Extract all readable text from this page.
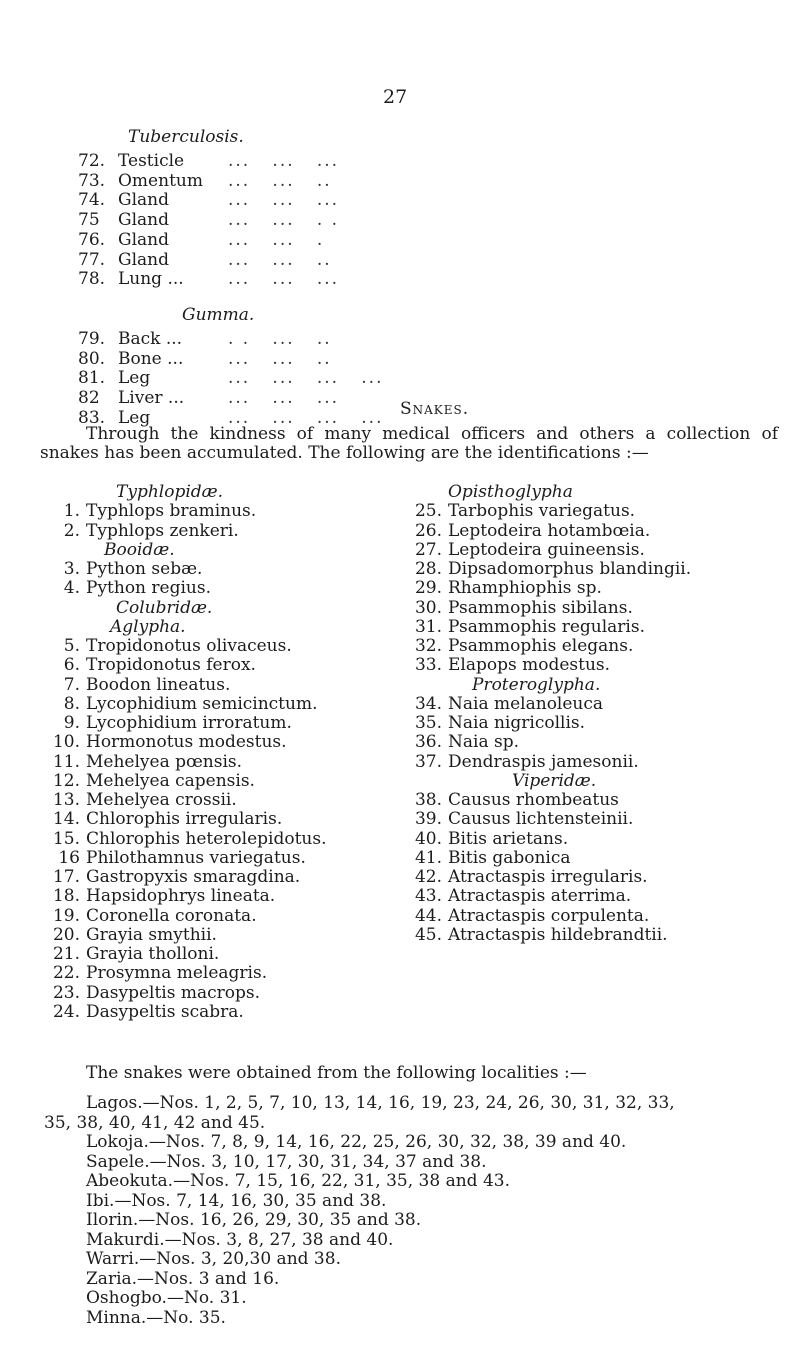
27
Tuberculosis.
72. Testicle	...   ...   ...
73. Omentum ...   ...   ..
74. Gland	...   ...   ...
75	Gland	...   ...   . .
76. Gland	...   ...   .
77. Gland	...   ...   ..
78. Lung ...	...   ...   ...
Gumma.
79. Back ...	. .   ...   ..
80. Bone ...	...   ...   ..
81. Leg	...   ...   ...   ...
82	Liver ...	...   ...   ...
83. Leg	...   ...   ...   ... Snakes.
Through the kindness of many medical officers and others a collection of snakes has been accumulated. The following are the identifications :—
Typhlopidæ.
1. Typhlops braminus.
2. Typhlops zenkeri.
Booidæ.
3. Python sebæ.
4. Python regius.
Colubridæ.
Aglypha.
5. Tropidonotus olivaceus.
6. Tropidonotus ferox.
7. Boodon lineatus.
8. Lycophidium semicinctum.
9. Lycophidium irroratum.
10. Hormonotus modestus.
11. Mehelyea pœnsis.
12. Mehelyea capensis.
13. Mehelyea crossii.
14. Chlorophis irregularis.
15. Chlorophis heterolepidotus.
16 Philothamnus variegatus.
17. Gastropyxis smaragdina.
18. Hapsidophrys lineata.
19. Coronella coronata.
20. Grayia smythii.
21. Grayia tholloni.
22. Prosymna meleagris.
23. Dasypeltis macrops.
24. Dasypeltis scabra.
Opisthoglypha
25. Tarbophis variegatus.
26. Leptodeira hotambœia.
27. Leptodeira guineensis.
28. Dipsadomorphus blandingii.
29. Rhamphiophis sp.
30. Psammophis sibilans.
31. Psammophis regularis.
32. Psammophis elegans.
33. Elapops modestus.
Proteroglypha.
34. Naia melanoleuca
35. Naia nigricollis.
36. Naia sp.
37. Dendraspis jamesonii.
Viperidæ.
38. Causus rhombeatus
39. Causus lichtensteinii.
40. Bitis arietans.
41. Bitis gabonica
42. Atractaspis irregularis.
43. Atractaspis aterrima.
44. Atractaspis corpulenta.
45. Atractaspis hildebrandtii.
The snakes were obtained from the following localities :—
Lagos.—Nos. 1, 2, 5, 7, 10, 13, 14, 16, 19, 23, 24, 26, 30, 31, 32, 33,
35, 38, 40, 41, 42 and 45.
Lokoja.—Nos. 7, 8, 9, 14, 16, 22, 25, 26, 30, 32, 38, 39 and 40.
Sapele.—Nos. 3, 10, 17, 30, 31, 34, 37 and 38.
Abeokuta.—Nos. 7, 15, 16, 22, 31, 35, 38 and 43.
Ibi.—Nos. 7, 14, 16, 30, 35 and 38.
Ilorin.—Nos. 16, 26, 29, 30, 35 and 38.
Makurdi.—Nos. 3, 8, 27, 38 and 40.
Warri.—Nos. 3, 20,30 and 38.
Zaria.—Nos. 3 and 16.
Oshogbo.—No. 31.
Minna.—No. 35.
